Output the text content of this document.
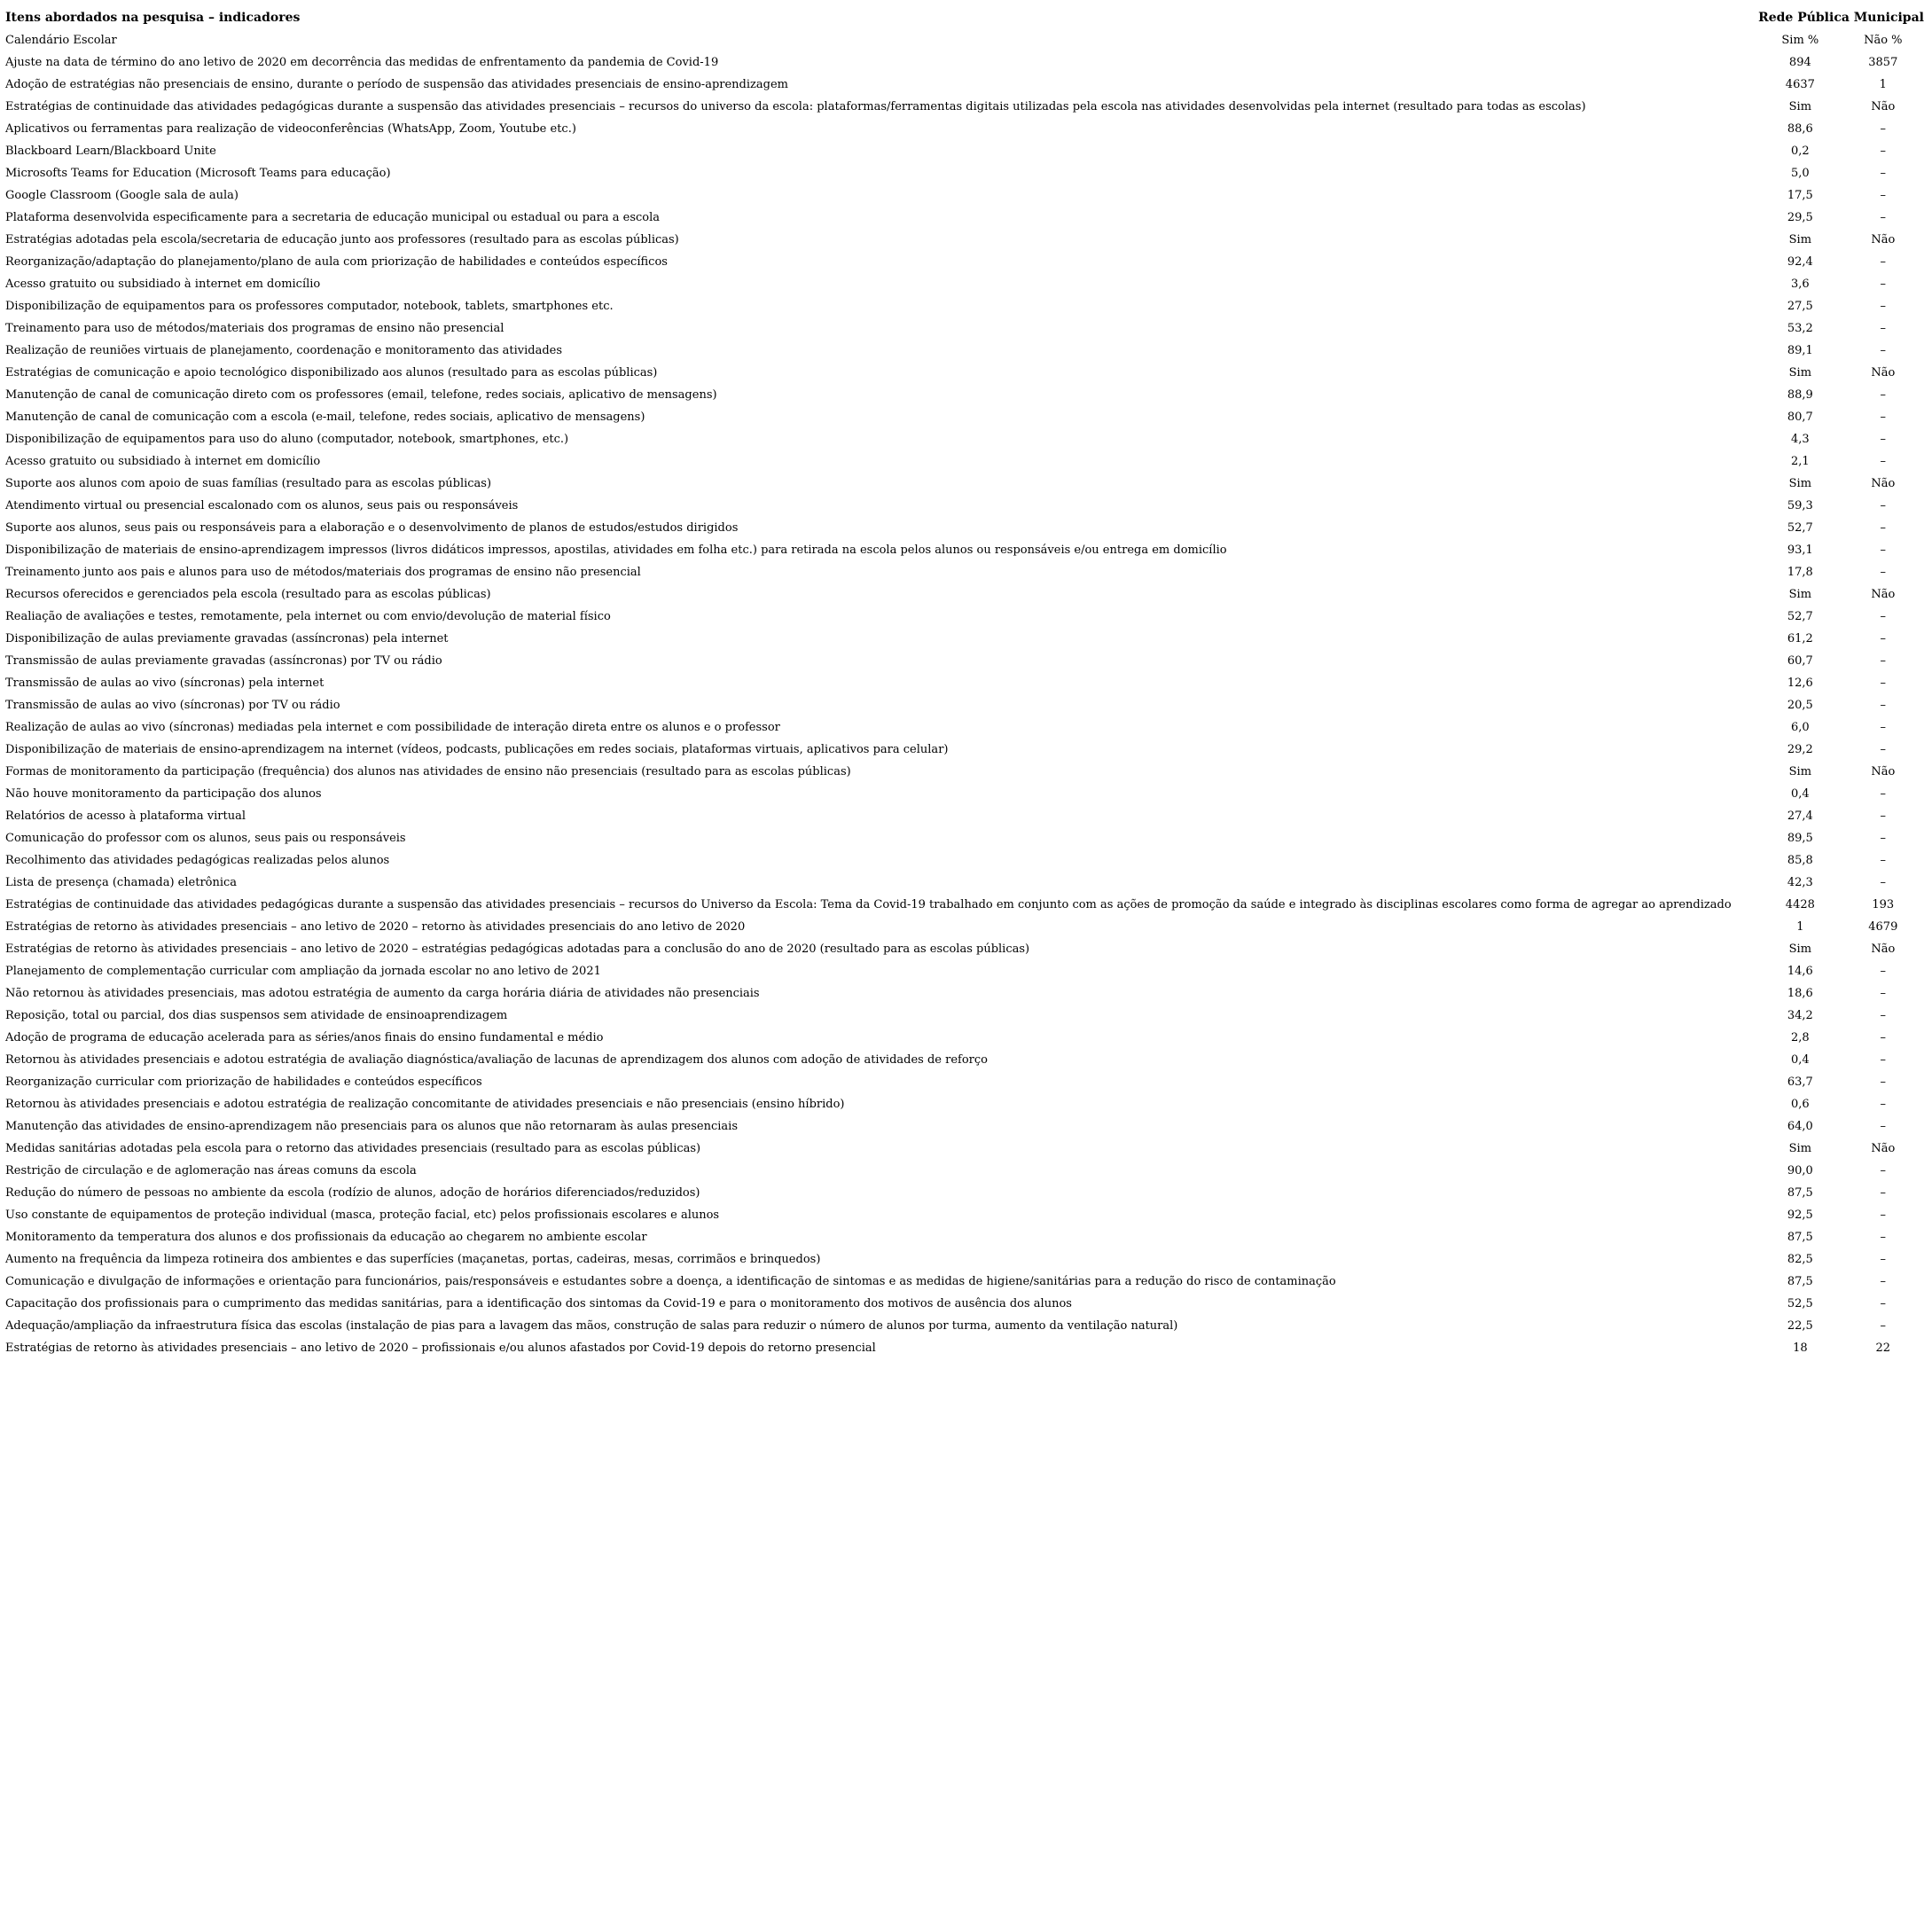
Itens abordados na pesquisa – indicadores	Rede Pública Municipal	
Calendário Escolar	Sim %	Não %
Ajuste na data de término do ano letivo de 2020 em decorrência das medidas de enfrentamento da pandemia de Covid-19	894	3857
Adoção de estratégias não presenciais de ensino, durante o período de suspensão das atividades presenciais de ensino-aprendizagem	4637	1
Estratégias de continuidade das atividades pedagógicas durante a suspensão das atividades presenciais – recursos do universo da escola: plataformas/ferramentas digitais utilizadas pela escola nas atividades desenvolvidas pela internet (resultado para todas as escolas)	Sim	Não
Aplicativos ou ferramentas para realização de videoconferências (WhatsApp, Zoom, Youtube etc.)	88,6	–
Blackboard Learn/Blackboard Unite	0,2	–
Microsofts Teams for Education (Microsoft Teams para educação)	5,0	–
Google Classroom (Google sala de aula)	17,5	–
Plataforma desenvolvida especificamente para a secretaria de educação municipal ou estadual ou para a escola	29,5	–
Estratégias adotadas pela escola/secretaria de educação junto aos professores (resultado para as escolas públicas)	Sim	Não
Reorganização/adaptação do planejamento/plano de aula com priorização de habilidades e conteúdos específicos	92,4	–
Acesso gratuito ou subsidiado à internet em domicílio	3,6	–
Disponibilização de equipamentos para os professores computador, notebook, tablets, smartphones etc.	27,5	–
Treinamento para uso de métodos/materiais dos programas de ensino não presencial	53,2	–
Realização de reuniões virtuais de planejamento, coordenação e monitoramento das atividades	89,1	–
Estratégias de comunicação e apoio tecnológico disponibilizado aos alunos (resultado para as escolas públicas)	Sim	Não
Manutenção de canal de comunicação direto com os professores (email, telefone, redes sociais, aplicativo de mensagens)	88,9	–
Manutenção de canal de comunicação com a escola (e-mail, telefone, redes sociais, aplicativo de mensagens)	80,7	–
Disponibilização de equipamentos para uso do aluno (computador, notebook, smartphones, etc.)	4,3	–
Acesso gratuito ou subsidiado à internet em domicílio	2,1	–
Suporte aos alunos com apoio de suas famílias (resultado para as escolas públicas)	Sim	Não
Atendimento virtual ou presencial escalonado com os alunos, seus pais ou responsáveis	59,3	–
Suporte aos alunos, seus pais ou responsáveis para a elaboração e o desenvolvimento de planos de estudos/estudos dirigidos	52,7	–
Disponibilização de materiais de ensino-aprendizagem impressos (livros didáticos impressos, apostilas, atividades em folha etc.) para retirada na escola pelos alunos ou responsáveis e/ou entrega em domicílio	93,1	–
Treinamento junto aos pais e alunos para uso de métodos/materiais dos programas de ensino não presencial	17,8	–
Recursos oferecidos e gerenciados pela escola (resultado para as escolas públicas)	Sim	Não
Realiação de avaliações e testes, remotamente, pela internet ou com envio/devolução de material físico	52,7	–
Disponibilização de aulas previamente gravadas (assíncronas) pela internet	61,2	–
Transmissão de aulas previamente gravadas (assíncronas) por TV ou rádio	60,7	–
Transmissão de aulas ao vivo (síncronas) pela internet	12,6	–
Transmissão de aulas ao vivo (síncronas) por TV ou rádio	20,5	–
Realização de aulas ao vivo (síncronas) mediadas pela internet e com possibilidade de interação direta entre os alunos e o professor	6,0	–
Disponibilização de materiais de ensino-aprendizagem na internet (vídeos, podcasts, publicações em redes sociais, plataformas virtuais, aplicativos para celular)	29,2	–
Formas de monitoramento da participação (frequência) dos alunos nas atividades de ensino não presenciais (resultado para as escolas públicas)	Sim	Não
Não houve monitoramento da participação dos alunos	0,4	–
Relatórios de acesso à plataforma virtual	27,4	–
Comunicação do professor com os alunos, seus pais ou responsáveis	89,5	–
Recolhimento das atividades pedagógicas realizadas pelos alunos	85,8	–
Lista de presença (chamada) eletrônica	42,3	–
Estratégias de continuidade das atividades pedagógicas durante a suspensão das atividades presenciais – recursos do Universo da Escola: Tema da Covid-19 trabalhado em conjunto com as ações de promoção da saúde e integrado às disciplinas escolares como forma de agregar ao aprendizado	4428	193
Estratégias de retorno às atividades presenciais – ano letivo de 2020 – retorno às atividades presenciais do ano letivo de 2020	1	4679
Estratégias de retorno às atividades presenciais – ano letivo de 2020 – estratégias pedagógicas adotadas para a conclusão do ano de 2020 (resultado para as escolas públicas)	Sim	Não
Planejamento de complementação curricular com ampliação da jornada escolar no ano letivo de 2021	14,6	–
Não retornou às atividades presenciais, mas adotou estratégia de aumento da carga horária diária de atividades não presenciais	18,6	–
Reposição, total ou parcial, dos dias suspensos sem atividade de ensinoaprendizagem	34,2	–
Adoção de programa de educação acelerada para as séries/anos finais do ensino fundamental e médio	2,8	–
Retornou às atividades presenciais e adotou estratégia de avaliação diagnóstica/avaliação de lacunas de aprendizagem dos alunos com adoção de atividades de reforço	0,4	–
Reorganização curricular com priorização de habilidades e conteúdos específicos	63,7	–
Retornou às atividades presenciais e adotou estratégia de realização concomitante de atividades presenciais e não presenciais (ensino híbrido)	0,6	–
Manutenção das atividades de ensino-aprendizagem não presenciais para os alunos que não retornaram às aulas presenciais	64,0	–
Medidas sanitárias adotadas pela escola para o retorno das atividades presenciais (resultado para as escolas públicas)	Sim	Não
Restrição de circulação e de aglomeração nas áreas comuns da escola	90,0	–
Redução do número de pessoas no ambiente da escola (rodízio de alunos, adoção de horários diferenciados/reduzidos)	87,5	–
Uso constante de equipamentos de proteção individual (masca, proteção facial, etc) pelos profissionais escolares e alunos	92,5	–
Monitoramento da temperatura dos alunos e dos profissionais da educação ao chegarem no ambiente escolar	87,5	–
Aumento na frequência da limpeza rotineira dos ambientes e das superfícies (maçanetas, portas, cadeiras, mesas, corrimãos e brinquedos)	82,5	–
Comunicação e divulgação de informações e orientação para funcionários, pais/responsáveis e estudantes sobre a doença, a identificação de sintomas e as medidas de higiene/sanitárias para a redução do risco de contaminação	87,5	–
Capacitação dos profissionais para o cumprimento das medidas sanitárias, para a identificação dos sintomas da Covid-19 e para o monitoramento dos motivos de ausência dos alunos	52,5	–
Adequação/ampliação da infraestrutura física das escolas (instalação de pias para a lavagem das mãos, construção de salas para reduzir o número de alunos por turma, aumento da ventilação natural)	22,5	–
Estratégias de retorno às atividades presenciais – ano letivo de 2020 – profissionais e/ou alunos afastados por Covid-19 depois do retorno presencial	18	22
